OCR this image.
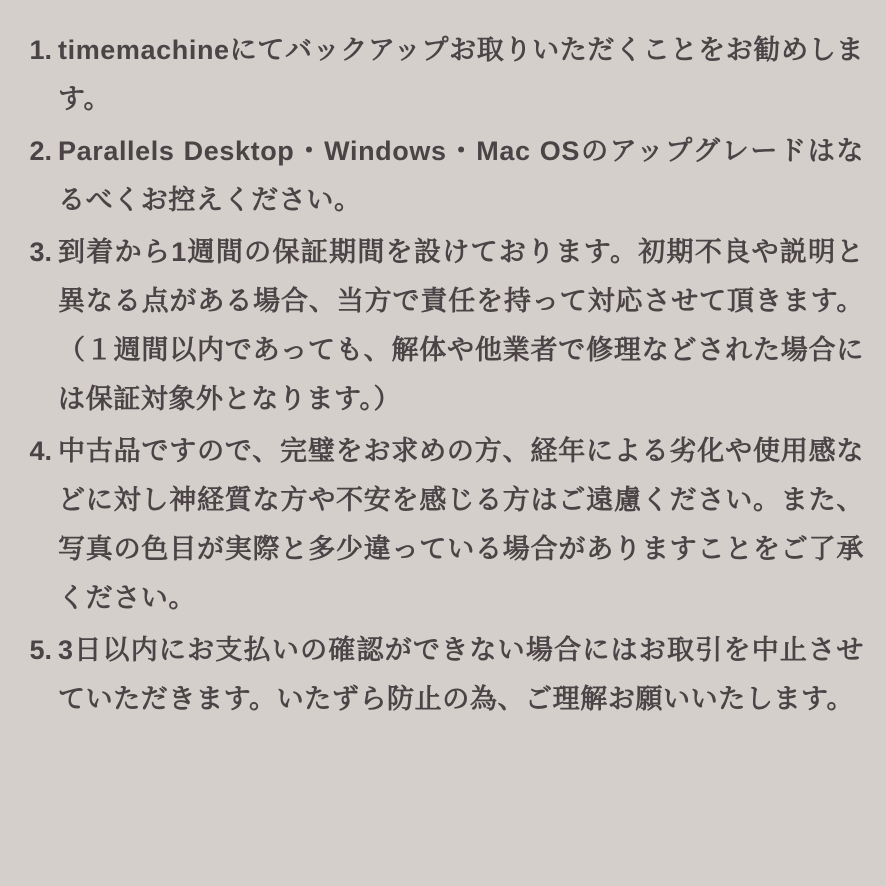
timemachineにてバックアップお取りいただくことをお勧めします。
Parallels Desktop・Windows・Mac OSのアップグレードはなるべくお控えください。
到着から1週間の保証期間を設けております。初期不良や説明と異なる点がある場合、当方で責任を持って対応させて頂きます。（１週間以内であっても、解体や他業者で修理などされた場合には保証対象外となります。）
中古品ですので、完璧をお求めの方、経年による劣化や使用感などに対し神経質な方や不安を感じる方はご遠慮ください。また、写真の色目が実際と多少違っている場合がありますことをご了承ください。
3日以内にお支払いの確認ができない場合にはお取引を中止させていただきます。いたずら防止の為、ご理解お願いいたします。
